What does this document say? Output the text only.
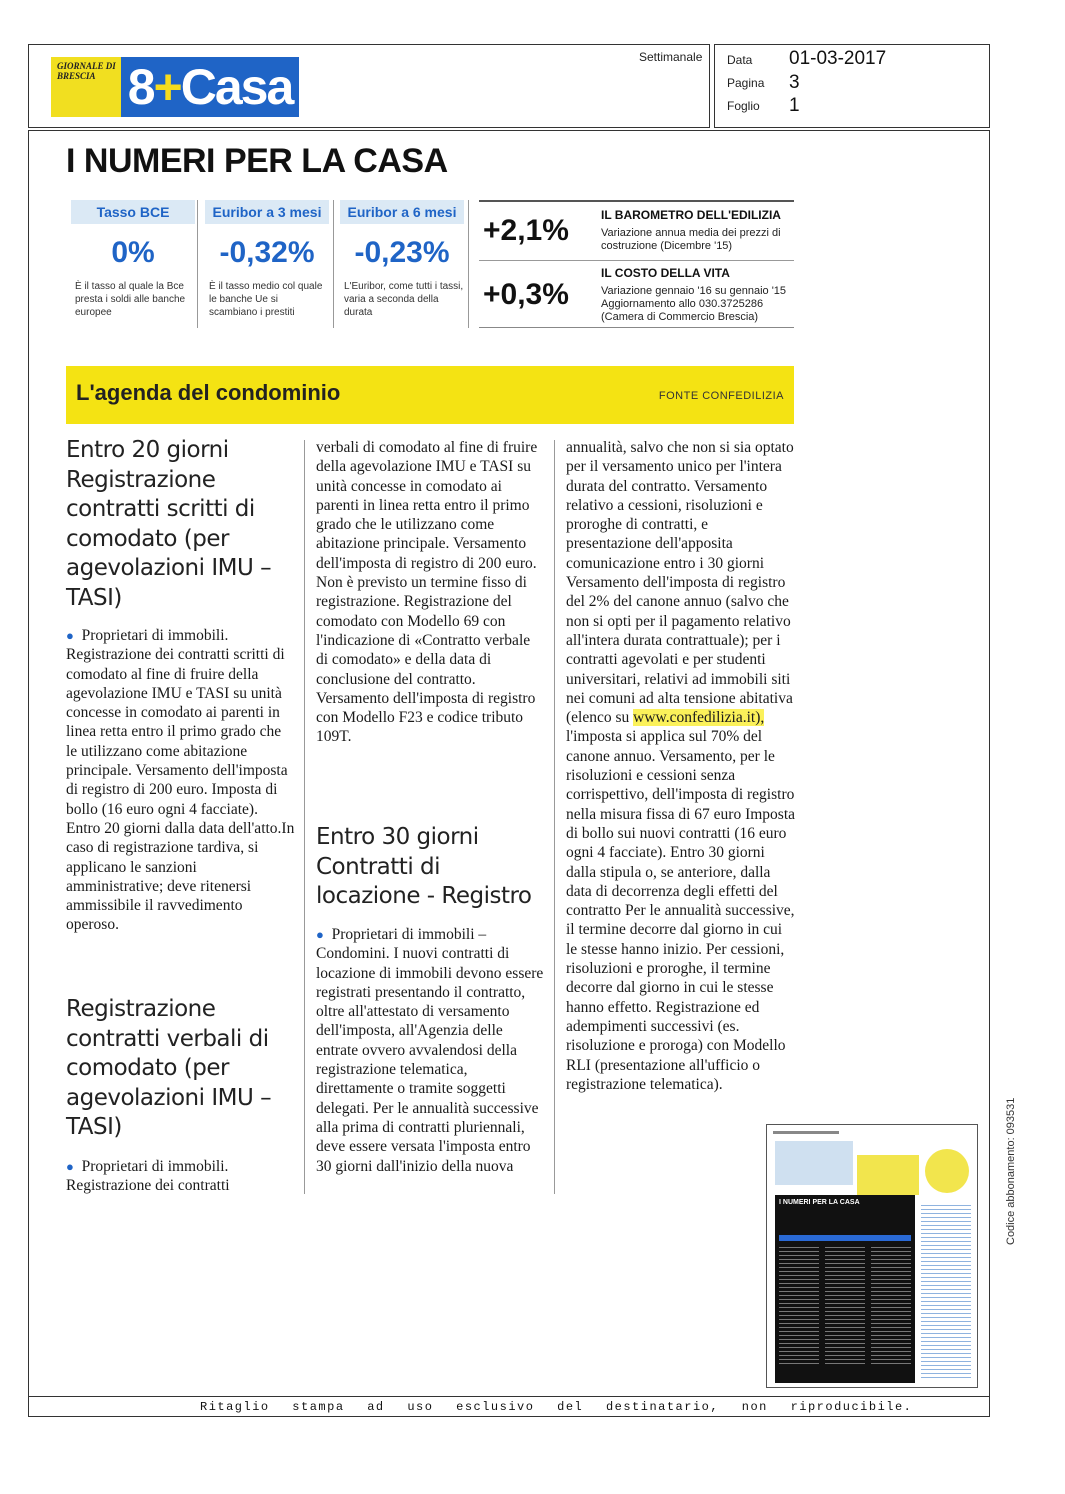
GIORNALE DI BRESCIA 8+Casa
Settimanale Data 01-03-2017
Pagina 3
Foglio 1
I NUMERI PER LA CASA
Tasso BCE
0%
È il tasso al quale la Bce presta i soldi alle banche europee
Euribor a 3 mesi
-0,32%
È il tasso medio col quale le banche Ue si scambiano i prestiti
Euribor a 6 mesi
-0,23%
L'Euribor, come tutti i tassi, varia a seconda della durata
+2,1%	IL BAROMETRO DELL'EDILIZIA
Variazione annua media dei prezzi di costruzione (Dicembre '15)
+0,3%
IL COSTO DELLA VITA
Variazione gennaio '16 su gennaio '15
Aggiornamento allo 030.3725286
(Camera di Commercio Brescia)
L'agenda del condominio	FONTE CONFEDILIZIA
Entro 20 giorni Registrazione contratti scritti di comodato (per agevolazioni IMU – TASI)

● Proprietari di immobili. Registrazione dei contratti scritti di comodato al fine di fruire della agevolazione IMU e TASI su unità concesse in comodato ai parenti in linea retta entro il primo grado che le utilizzano come abitazione principale. Versamento dell'imposta di registro di 200 euro. Imposta di bollo (16 euro ogni 4 facciate). Entro 20 giorni dalla data dell'atto.In caso di registrazione tardiva, si applicano le sanzioni amministrative; deve ritenersi ammissibile il ravvedimento operoso.

Registrazione contratti verbali di comodato (per agevolazioni IMU – TASI)

● Proprietari di immobili. Registrazione dei contratti

verbali di comodato al fine di fruire della agevolazione IMU e TASI su unità concesse in comodato ai parenti in linea retta entro il primo grado che le utilizzano come abitazione principale. Versamento dell'imposta di registro di 200 euro. Non è previsto un termine fisso di registrazione. Registrazione del comodato con Modello 69 con l'indicazione di «Contratto verbale di comodato» e della data di conclusione del contratto. Versamento dell'imposta di registro con Modello F23 e codice tributo 109T.

Entro 30 giorni Contratti di locazione - Registro

● Proprietari di immobili – Condomini. I nuovi contratti di locazione di immobili devono essere registrati presentando il contratto, oltre all'attestato di versamento dell'imposta, all'Agenzia delle entrate ovvero avvalendosi della registrazione telematica, direttamente o tramite soggetti delegati. Per le annualità successive alla prima di contratti pluriennali, deve essere versata l'imposta entro 30 giorni dall'inizio della nuova

annualità, salvo che non si sia optato per il versamento unico per l'intera durata del contratto. Versamento relativo a cessioni, risoluzioni e proroghe di contratti, e presentazione dell'apposita comunicazione entro i 30 giorni Versamento dell'imposta di registro del 2% del canone annuo (salvo che non si opti per il pagamento relativo all'intera durata contrattuale); per i contratti agevolati e per studenti universitari, relativi ad immobili siti nei comuni ad alta tensione abitativa (elenco su www.confedilizia.it), l'imposta si applica sul 70% del canone annuo. Versamento, per le risoluzioni e cessioni senza corrispettivo, dell'imposta di registro nella misura fissa di 67 euro Imposta di bollo sui nuovi contratti (16 euro ogni 4 facciate). Entro 30 giorni dalla stipula o, se anteriore, dalla data di decorrenza degli effetti del contratto Per le annualità successive, il termine decorre dal giorno in cui le stesse hanno inizio. Per cessioni, risoluzioni e proroghe, il termine decorre dal giorno in cui le stesse hanno effetto. Registrazione ed adempimenti successivi (es. risoluzione e proroga) con Modello RLI (presentazione all'ufficio o registrazione telematica).

I NUMERI PER LA CASA
Ritaglio stampa ad uso esclusivo del destinatario, non riproducibile.
Codice abbonamento: 093531
